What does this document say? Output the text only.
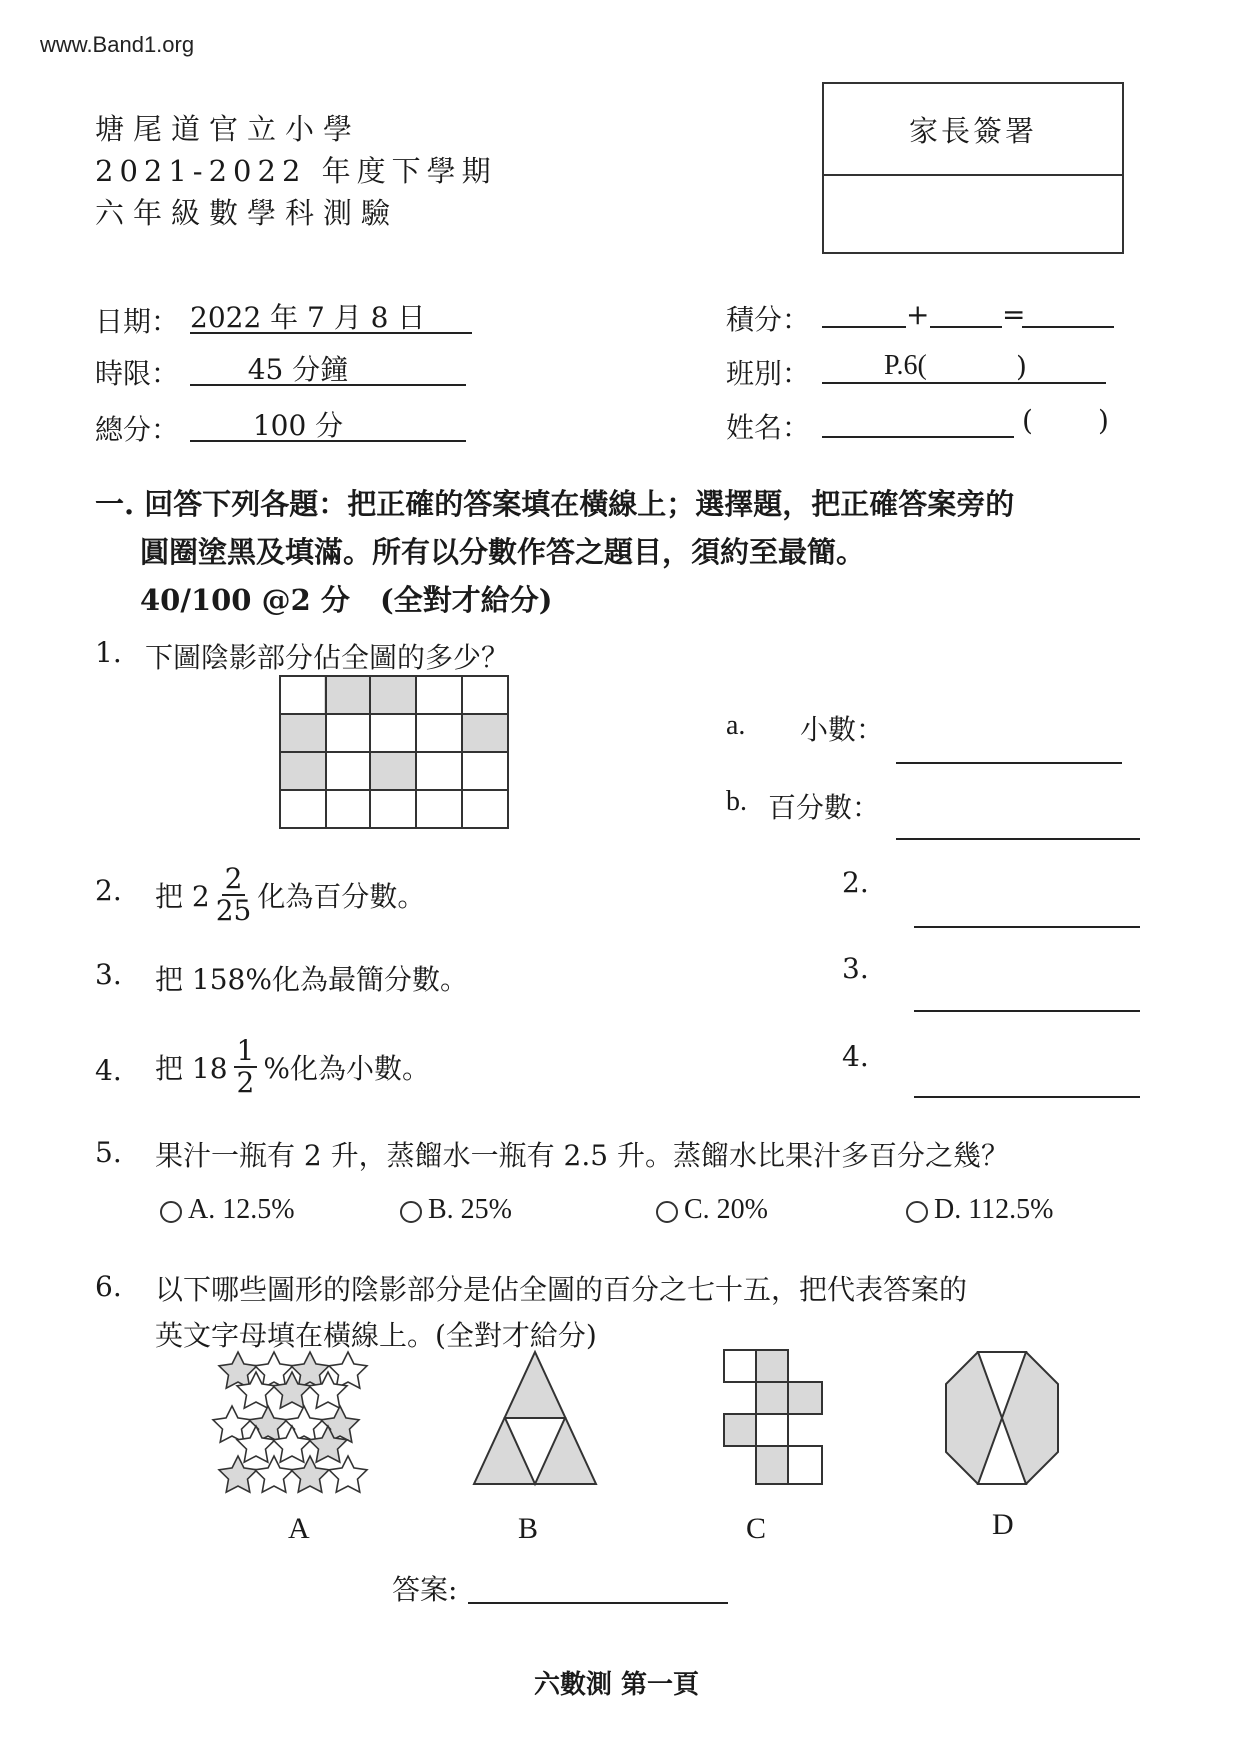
www.Band1.org
塘尾道官立小學
2021-2022 年度下學期
六年級數學科測驗
家長簽署
日期： 2022 年 7 月 8 日
時限：	45 分鐘
總分：	100 分
積分：	+	=
班別：	P.6(	)
姓名：	( )
一. 回答下列各題：把正確的答案填在橫線上；選擇題，把正確答案旁的
圓圈塗黑及填滿。所有以分數作答之題目，須約至最簡。
40/100 @2 分 (全對才給分)
1. 下圖陰影部分佔全圖的多少？
a. 小數：
b. 百分數：
2. 把 $2 \frac{2}{25}$ 化為百分數。	2.
3. 把 158%化為最簡分數。	3.
4. 把 $18 \frac{1}{2}$ %化為小數。	4.
5. 果汁一瓶有 2 升，蒸餾水一瓶有 2.5 升。蒸餾水比果汁多百分之幾？
A. 12.5%	B. 25%	C. 20%	D. 112.5%
6. 以下哪些圖形的陰影部分是佔全圖的百分之七十五，把代表答案的
英文字母填在橫線上。(全對才給分)
A	B	C	D
答案:
六數測 第一頁
